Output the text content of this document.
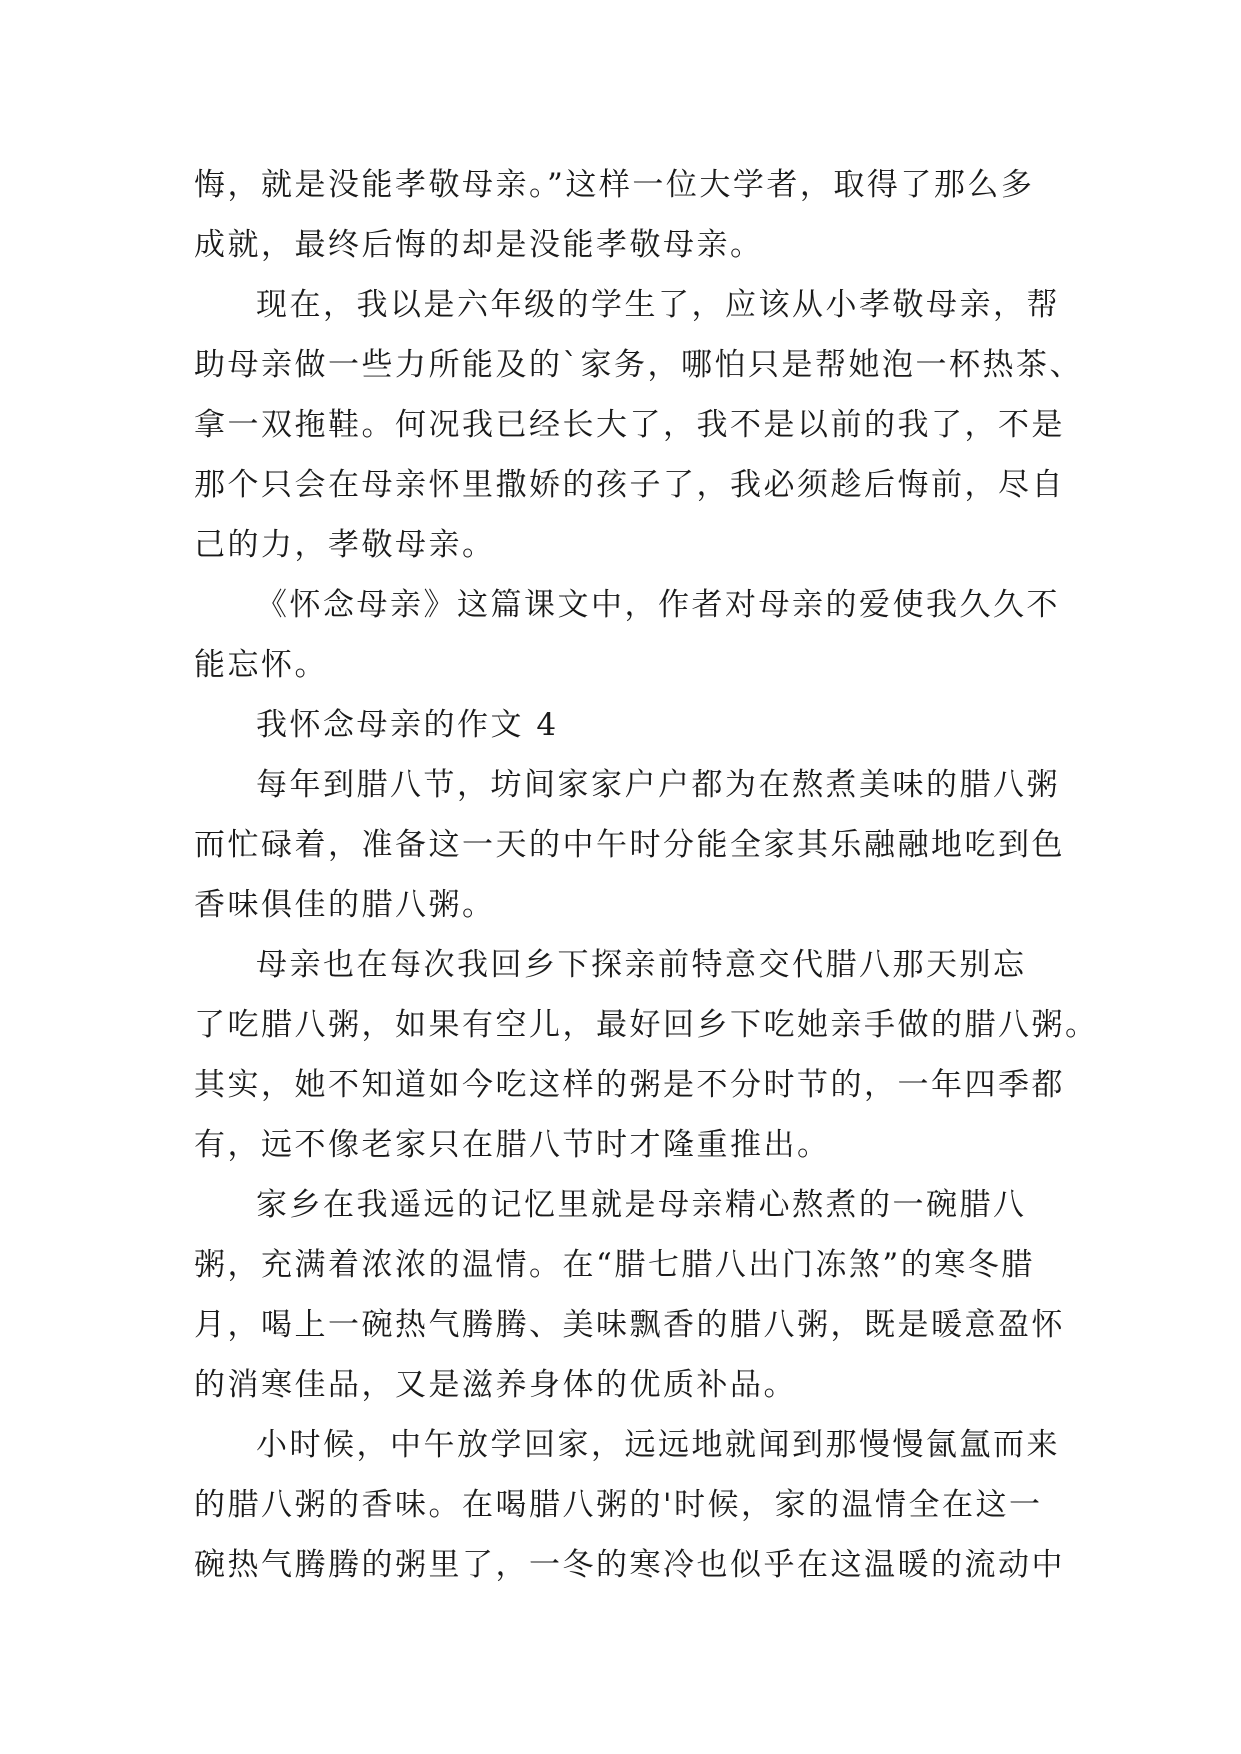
悔，就是没能孝敬母亲。”这样一位大学者，取得了那么多
成就，最终后悔的却是没能孝敬母亲。
现在，我以是六年级的学生了，应该从小孝敬母亲，帮
助母亲做一些力所能及的`家务，哪怕只是帮她泡一杯热茶、
拿一双拖鞋。何况我已经长大了，我不是以前的我了，不是
那个只会在母亲怀里撒娇的孩子了，我必须趁后悔前，尽自
己的力，孝敬母亲。
《怀念母亲》这篇课文中，作者对母亲的爱使我久久不
能忘怀。
我怀念母亲的作文 4
每年到腊八节，坊间家家户户都为在熬煮美味的腊八粥
而忙碌着，准备这一天的中午时分能全家其乐融融地吃到色
香味俱佳的腊八粥。
母亲也在每次我回乡下探亲前特意交代腊八那天别忘
了吃腊八粥，如果有空儿，最好回乡下吃她亲手做的腊八粥。
其实，她不知道如今吃这样的粥是不分时节的，一年四季都
有，远不像老家只在腊八节时才隆重推出。
家乡在我遥远的记忆里就是母亲精心熬煮的一碗腊八
粥，充满着浓浓的温情。在“腊七腊八出门冻煞”的寒冬腊
月，喝上一碗热气腾腾、美味飘香的腊八粥，既是暖意盈怀
的消寒佳品，又是滋养身体的优质补品。
小时候，中午放学回家，远远地就闻到那慢慢氤氲而来
的腊八粥的香味。在喝腊八粥的'时候，家的温情全在这一
碗热气腾腾的粥里了，一冬的寒冷也似乎在这温暖的流动中
